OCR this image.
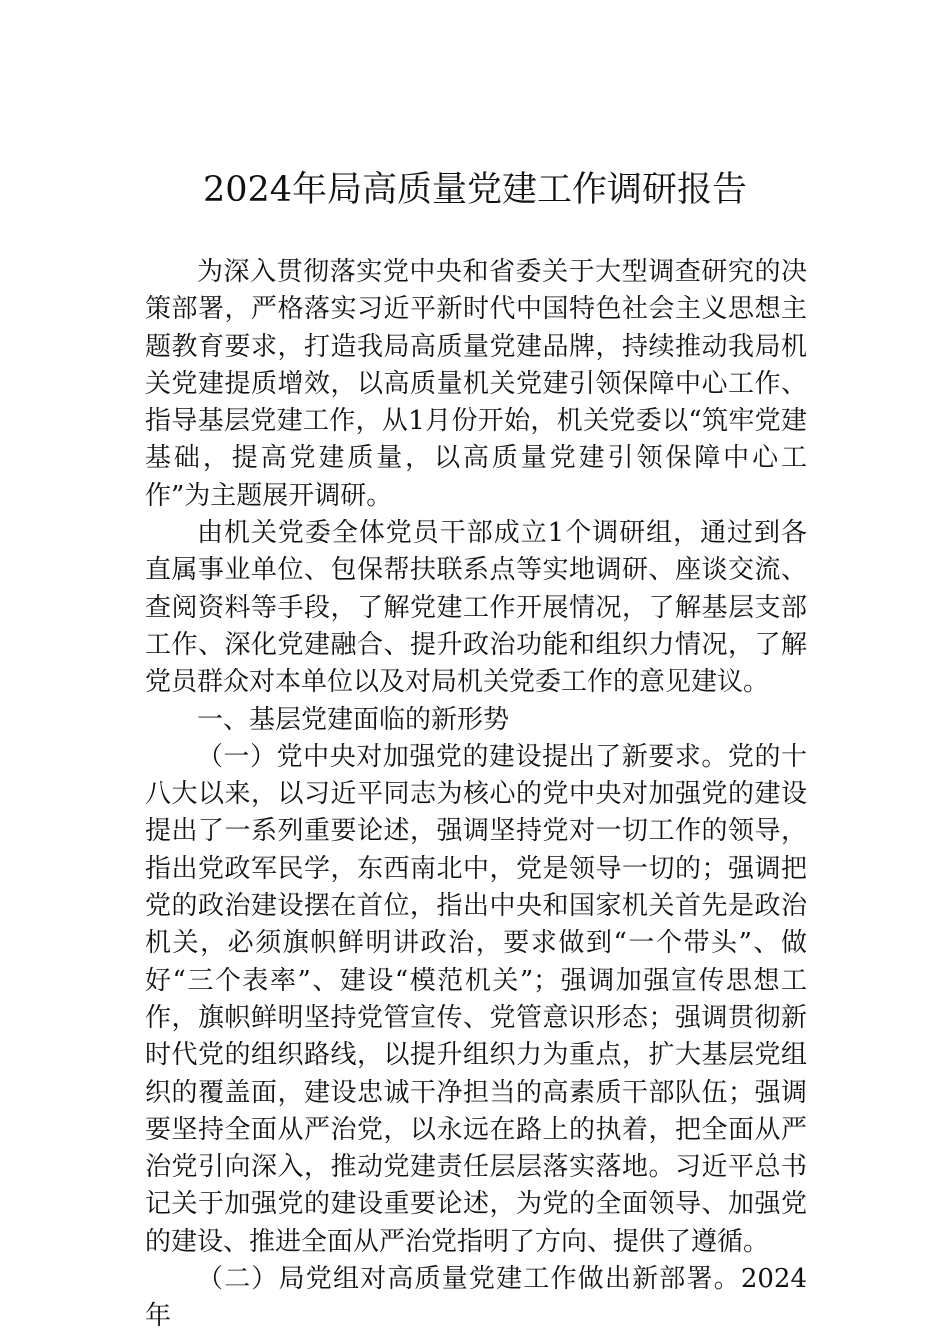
2024年局高质量党建工作调研报告

为深入贯彻落实党中央和省委关于大型调查研究的决策部署，严格落实习近平新时代中国特色社会主义思想主题教育要求，打造我局高质量党建品牌，持续推动我局机关党建提质增效，以高质量机关党建引领保障中心工作、指导基层党建工作，从1月份开始，机关党委以“筑牢党建基础，提高党建质量，以高质量党建引领保障中心工作”为主题展开调研。

由机关党委全体党员干部成立1个调研组，通过到各直属事业单位、包保帮扶联系点等实地调研、座谈交流、查阅资料等手段，了解党建工作开展情况，了解基层支部工作、深化党建融合、提升政治功能和组织力情况，了解党员群众对本单位以及对局机关党委工作的意见建议。

一、基层党建面临的新形势

（一）党中央对加强党的建设提出了新要求。党的十八大以来，以习近平同志为核心的党中央对加强党的建设提出了一系列重要论述，强调坚持党对一切工作的领导，指出党政军民学，东西南北中，党是领导一切的；强调把党的政治建设摆在首位，指出中央和国家机关首先是政治机关，必须旗帜鲜明讲政治，要求做到“一个带头”、做好“三个表率”、建设“模范机关”；强调加强宣传思想工作，旗帜鲜明坚持党管宣传、党管意识形态；强调贯彻新时代党的组织路线，以提升组织力为重点，扩大基层党组织的覆盖面，建设忠诚干净担当的高素质干部队伍；强调要坚持全面从严治党，以永远在路上的执着，把全面从严治党引向深入，推动党建责任层层落实落地。习近平总书记关于加强党的建设重要论述，为党的全面领导、加强党的建设、推进全面从严治党指明了方向、提供了遵循。

（二）局党组对高质量党建工作做出新部署。2024年
